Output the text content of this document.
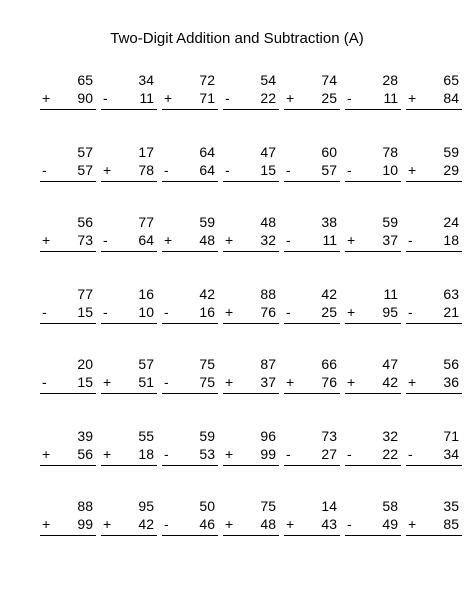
Two-Digit Addition and Subtraction (A)
65
+ 90
34
- 11
72
+ 71
54
- 22
74
+ 25
28
- 11
65
+ 84
57
- 57
17
+ 78
64
- 64
47
- 15
60
- 57
78
- 10
59
+ 29
56
+ 73
77
- 64
59
+ 48
48
+ 32
38
- 11
59
+ 37
24
- 18
77
- 15
16
- 10
42
- 16
88
+ 76
42
- 25
11
+ 95
63
- 21
20
- 15
57
+ 51
75
- 75
87
+ 37
66
+ 76
47
+ 42
56
+ 36
39
+ 56
55
+ 18
59
- 53
96
+ 99
73
- 27
32
- 22
71
- 34
88
+ 99
95
+ 42
50
- 46
75
+ 48
14
+ 43
58
- 49
35
+ 85
